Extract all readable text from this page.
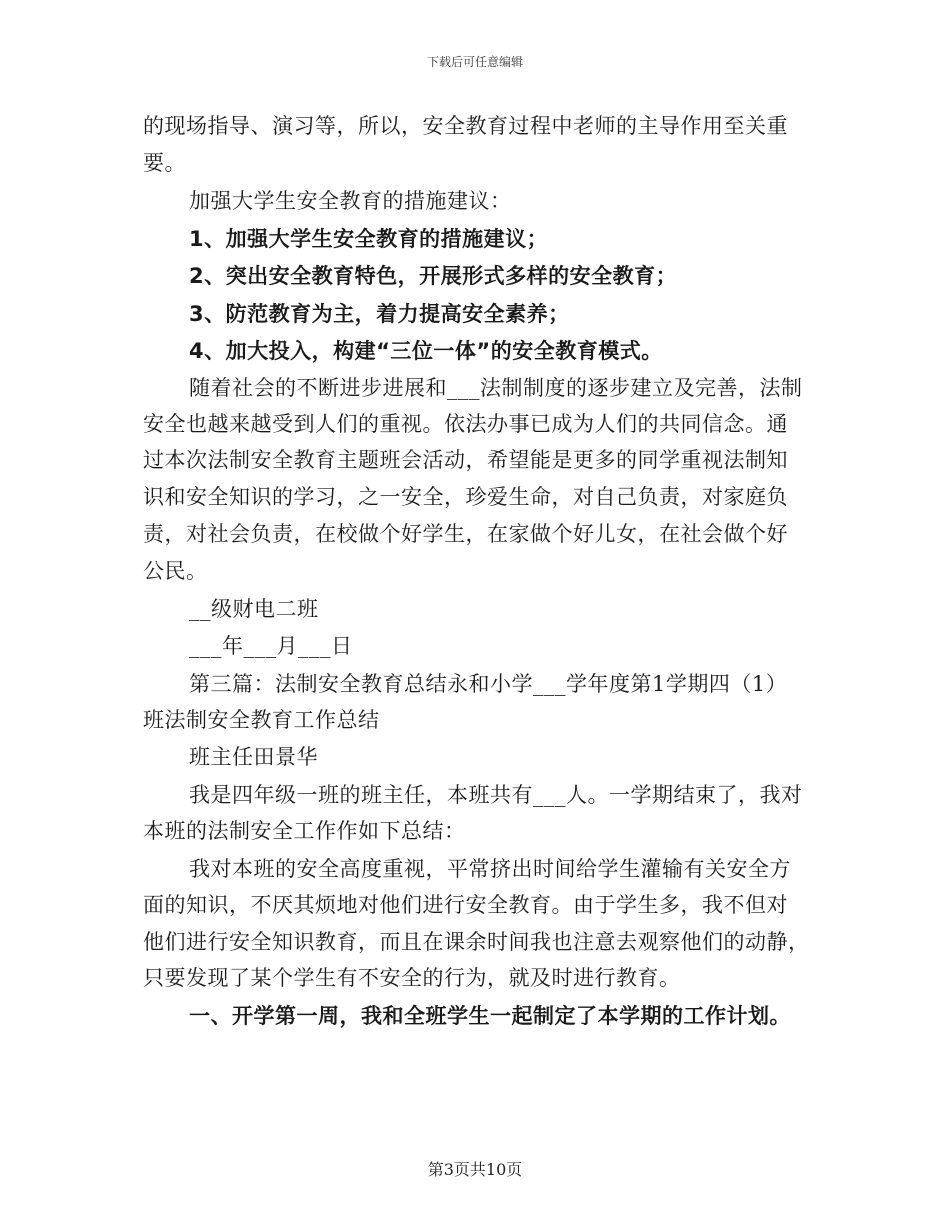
下载后可任意编辑
的现场指导、演习等，所以，安全教育过程中老师的主导作用至关重
要。
加强大学生安全教育的措施建议：
1、加强大学生安全教育的措施建议；
2、突出安全教育特色，开展形式多样的安全教育；
3、防范教育为主，着力提高安全素养；
4、加大投入，构建“三位一体”的安全教育模式。
随着社会的不断进步进展和___法制制度的逐步建立及完善，法制
安全也越来越受到人们的重视。依法办事已成为人们的共同信念。通
过本次法制安全教育主题班会活动，希望能是更多的同学重视法制知
识和安全知识的学习，之一安全，珍爱生命，对自己负责，对家庭负
责，对社会负责，在校做个好学生，在家做个好儿女，在社会做个好
公民。
__级财电二班
___年___月___日
第三篇：法制安全教育总结永和小学___学年度第1学期四（1）
班法制安全教育工作总结
班主任田景华
我是四年级一班的班主任，本班共有___人。一学期结束了，我对
本班的法制安全工作作如下总结：
我对本班的安全高度重视，平常挤出时间给学生灌输有关安全方
面的知识，不厌其烦地对他们进行安全教育。由于学生多，我不但对
他们进行安全知识教育，而且在课余时间我也注意去观察他们的动静，
只要发现了某个学生有不安全的行为，就及时进行教育。
一、开学第一周，我和全班学生一起制定了本学期的工作计划。
第3页共10页
